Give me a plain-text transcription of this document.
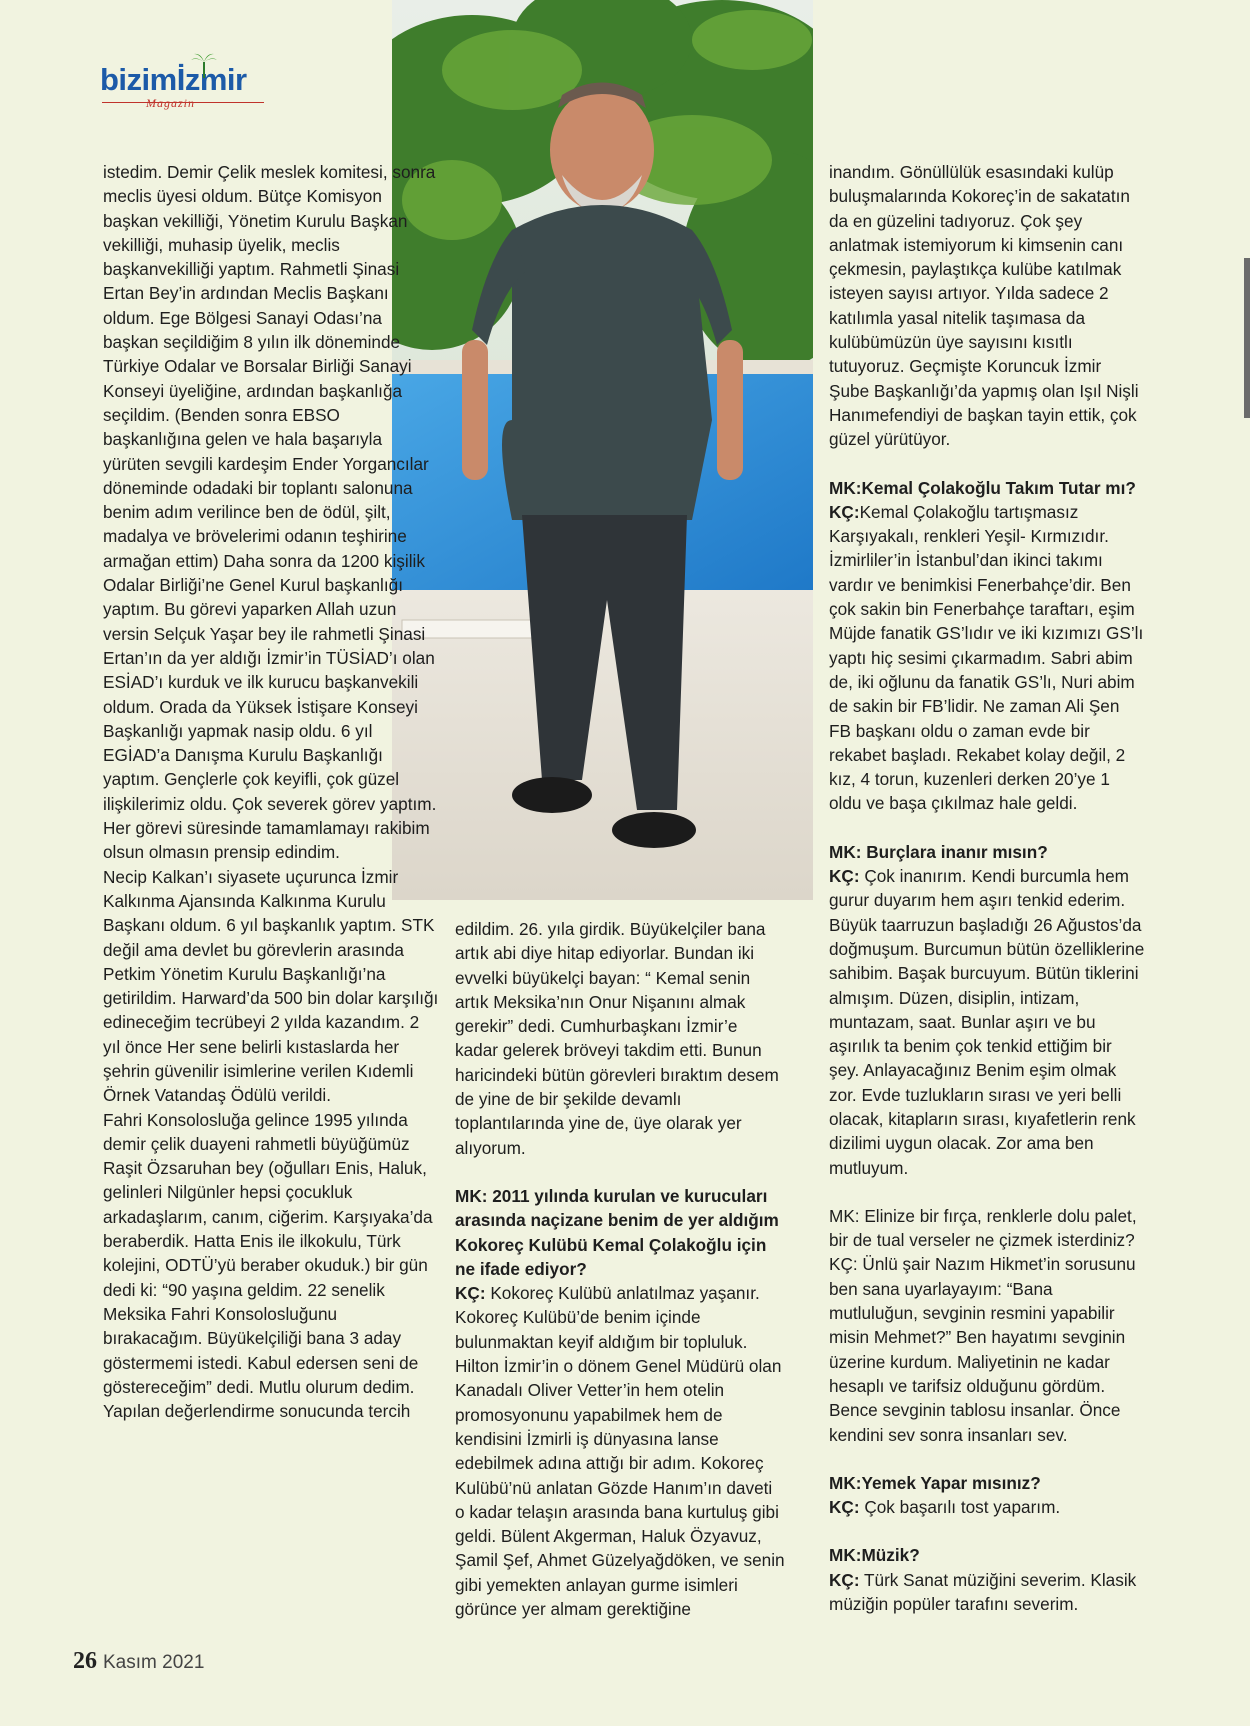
bizimİzmir
Magazin

istedim. Demir Çelik meslek komitesi, sonra meclis üyesi oldum. Bütçe Komisyon başkan vekilliği, Yönetim Kurulu Başkan vekilliği, muhasip üyelik, meclis başkanvekilliği yaptım. Rahmetli Şinasi Ertan Bey’in ardından Meclis Başkanı oldum. Ege Bölgesi Sanayi Odası’na başkan seçildiğim 8 yılın ilk döneminde Türkiye Odalar ve Borsalar Birliği Sanayi Konseyi üyeliğine, ardından başkanlığa seçildim. (Benden sonra EBSO başkanlığına gelen ve hala başarıyla yürüten sevgili kardeşim Ender Yorgancılar döneminde odadaki bir toplantı salonuna benim adım verilince ben de ödül, şilt, madalya ve brövelerimi odanın teşhirine armağan ettim) Daha sonra da 1200 kişilik Odalar Birliği’ne Genel Kurul başkanlığı yaptım. Bu görevi yaparken Allah uzun versin Selçuk Yaşar bey ile rahmetli Şinasi Ertan’ın da yer aldığı İzmir’in TÜSİAD’ı olan ESİAD’ı kurduk ve ilk kurucu başkanvekili oldum. Orada da Yüksek İstişare Konseyi Başkanlığı yapmak nasip oldu. 6 yıl EGİAD’a Danışma Kurulu Başkanlığı yaptım. Gençlerle çok keyifli, çok güzel ilişkilerimiz oldu. Çok severek görev yaptım. Her görevi süresinde tamamlamayı rakibim olsun olmasın prensip edindim.

Necip Kalkan’ı siyasete uçurunca İzmir Kalkınma Ajansında Kalkınma Kurulu Başkanı oldum. 6 yıl başkanlık yaptım. STK değil ama devlet bu görevlerin arasında Petkim Yönetim Kurulu Başkanlığı’na getirildim. Harward’da 500 bin dolar karşılığı edineceğim tecrübeyi 2 yılda kazandım. 2 yıl önce Her sene belirli kıstaslarda her şehrin güvenilir isimlerine verilen Kıdemli Örnek Vatandaş Ödülü verildi.

Fahri Konsolosluğa gelince 1995 yılında demir çelik duayeni rahmetli büyüğümüz Raşit Özsaruhan bey (oğulları Enis, Haluk, gelinleri Nilgünler hepsi çocukluk arkadaşlarım, canım, ciğerim. Karşıyaka’da beraberdik. Hatta Enis ile ilkokulu, Türk kolejini, ODTÜ’yü beraber okuduk.) bir gün dedi ki: “90 yaşına geldim. 22 senelik Meksika Fahri Konsolosluğunu bırakacağım. Büyükelçiliği bana 3 aday göstermemi istedi. Kabul edersen seni de göstereceğim” dedi. Mutlu olurum dedim. Yapılan değerlendirme sonucunda tercih

edildim. 26. yıla girdik. Büyükelçiler bana artık abi diye hitap ediyorlar. Bundan iki evvelki büyükelçi bayan: “ Kemal senin artık Meksika’nın Onur Nişanını almak gerekir” dedi. Cumhurbaşkanı İzmir’e kadar gelerek bröveyi takdim etti. Bunun haricindeki bütün görevleri bıraktım desem de yine de bir şekilde devamlı toplantılarında yine de, üye olarak yer alıyorum.

MK: 2011 yılında kurulan ve kurucuları arasında naçizane benim de yer aldığım Kokoreç Kulübü Kemal Çolakoğlu için ne ifade ediyor?

KÇ: Kokoreç Kulübü anlatılmaz yaşanır. Kokoreç Kulübü’de benim içinde bulunmaktan keyif aldığım bir topluluk. Hilton İzmir’in o dönem Genel Müdürü olan Kanadalı Oliver Vetter’in hem otelin promosyonunu yapabilmek hem de kendisini İzmirli iş dünyasına lanse edebilmek adına attığı bir adım. Kokoreç Kulübü’nü anlatan Gözde Hanım’ın daveti o kadar telaşın arasında bana kurtuluş gibi geldi. Bülent Akgerman, Haluk Özyavuz, Şamil Şef, Ahmet Güzelyağdöken, ve senin gibi yemekten anlayan gurme isimleri görünce yer almam gerektiğine

inandım. Gönüllülük esasındaki kulüp buluşmalarında Kokoreç’in de sakatatın da en güzelini tadıyoruz. Çok şey anlatmak istemiyorum ki kimsenin canı çekmesin, paylaştıkça kulübe katılmak isteyen sayısı artıyor. Yılda sadece 2 katılımla yasal nitelik taşımasa da kulübümüzün üye sayısını kısıtlı tutuyoruz. Geçmişte Koruncuk İzmir Şube Başkanlığı’da yapmış olan Işıl Nişli Hanımefendiyi de başkan tayin ettik, çok güzel yürütüyor.

MK:Kemal Çolakoğlu Takım Tutar mı?

KÇ:Kemal Çolakoğlu tartışmasız Karşıyakalı, renkleri Yeşil- Kırmızıdır. İzmirliler’in İstanbul’dan ikinci takımı vardır ve benimkisi Fenerbahçe’dir. Ben çok sakin bin Fenerbahçe taraftarı, eşim Müjde fanatik GS’lıdır ve iki kızımızı GS’lı yaptı hiç sesimi çıkarmadım. Sabri abim de, iki oğlunu da fanatik GS’lı, Nuri abim de sakin bir FB’lidir. Ne zaman Ali Şen FB başkanı oldu o zaman evde bir rekabet başladı. Rekabet kolay değil, 2 kız, 4 torun, kuzenleri derken 20’ye 1 oldu ve başa çıkılmaz hale geldi.

MK: Burçlara inanır mısın?

KÇ: Çok inanırım. Kendi burcumla hem gurur duyarım hem aşırı tenkid ederim. Büyük taarruzun başladığı 26 Ağustos’da doğmuşum. Burcumun bütün özelliklerine sahibim. Başak burcuyum. Bütün tiklerini almışım. Düzen, disiplin, intizam, muntazam, saat. Bunlar aşırı ve bu aşırılık ta benim çok tenkid ettiğim bir şey. Anlayacağınız Benim eşim olmak zor. Evde tuzlukların sırası ve yeri belli olacak, kitapların sırası, kıyafetlerin renk dizilimi uygun olacak. Zor ama ben mutluyum.

MK: Elinize bir fırça, renklerle dolu palet, bir de tual verseler ne çizmek isterdiniz?

KÇ: Ünlü şair Nazım Hikmet’in sorusunu ben sana uyarlayayım: “Bana mutluluğun, sevginin resmini yapabilir misin Mehmet?” Ben hayatımı sevginin üzerine kurdum. Maliyetinin ne kadar hesaplı ve tarifsiz olduğunu gördüm. Bence sevginin tablosu insanlar. Önce kendini sev sonra insanları sev.

MK:Yemek Yapar mısınız?

KÇ: Çok başarılı tost yaparım.

MK:Müzik?

KÇ: Türk Sanat müziğini severim. Klasik müziğin popüler tarafını severim.

26 Kasım 2021
